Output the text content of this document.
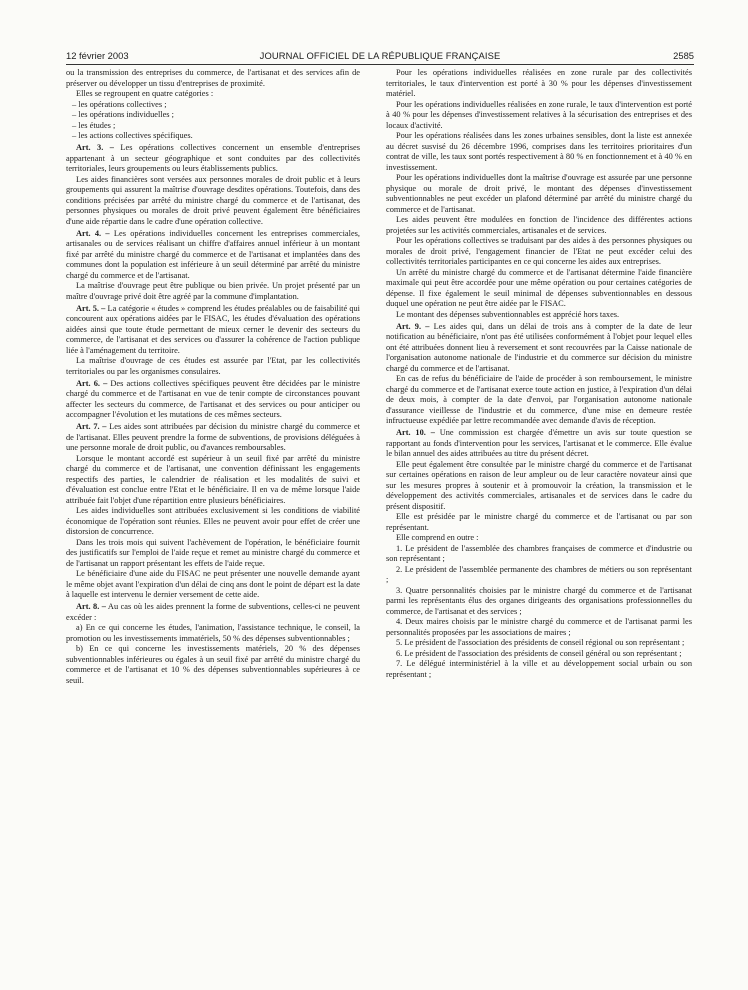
12 février 2003	JOURNAL OFFICIEL DE LA RÉPUBLIQUE FRANÇAISE	2585

ou la transmission des entreprises du commerce, de l'artisanat et des services afin de préserver ou développer un tissu d'entreprises de proximité.

Elles se regroupent en quatre catégories :

– les opérations collectives ;

– les opérations individuelles ;

– les études ;

– les actions collectives spécifiques.

Art. 3. – Les opérations collectives concernent un ensemble d'entreprises appartenant à un secteur géographique et sont conduites par des collectivités territoriales, leurs groupements ou leurs établissements publics.

Les aides financières sont versées aux personnes morales de droit public et à leurs groupements qui assurent la maîtrise d'ouvrage desdites opérations. Toutefois, dans des conditions précisées par arrêté du ministre chargé du commerce et de l'artisanat, des personnes physiques ou morales de droit privé peuvent également être bénéficiaires d'une aide répartie dans le cadre d'une opération collective.

Art. 4. – Les opérations individuelles concernent les entreprises commerciales, artisanales ou de services réalisant un chiffre d'affaires annuel inférieur à un montant fixé par arrêté du ministre chargé du commerce et de l'artisanat et implantées dans des communes dont la population est inférieure à un seuil déterminé par arrêté du ministre chargé du commerce et de l'artisanat.

La maîtrise d'ouvrage peut être publique ou bien privée. Un projet présenté par un maître d'ouvrage privé doit être agréé par la commune d'implantation.

Art. 5. – La catégorie « études » comprend les études préalables ou de faisabilité qui concourent aux opérations aidées par le FISAC, les études d'évaluation des opérations aidées ainsi que toute étude permettant de mieux cerner le devenir des secteurs du commerce, de l'artisanat et des services ou d'assurer la cohérence de l'action publique liée à l'aménagement du territoire.

La maîtrise d'ouvrage de ces études est assurée par l'Etat, par les collectivités territoriales ou par les organismes consulaires.

Art. 6. – Des actions collectives spécifiques peuvent être décidées par le ministre chargé du commerce et de l'artisanat en vue de tenir compte de circonstances pouvant affecter les secteurs du commerce, de l'artisanat et des services ou pour anticiper ou accompagner l'évolution et les mutations de ces mêmes secteurs.

Art. 7. – Les aides sont attribuées par décision du ministre chargé du commerce et de l'artisanat. Elles peuvent prendre la forme de subventions, de provisions déléguées à une personne morale de droit public, ou d'avances remboursables.

Lorsque le montant accordé est supérieur à un seuil fixé par arrêté du ministre chargé du commerce et de l'artisanat, une convention définissant les engagements respectifs des parties, le calendrier de réalisation et les modalités de suivi et d'évaluation est conclue entre l'Etat et le bénéficiaire. Il en va de même lorsque l'aide attribuée fait l'objet d'une répartition entre plusieurs bénéficiaires.

Les aides individuelles sont attribuées exclusivement si les conditions de viabilité économique de l'opération sont réunies. Elles ne peuvent avoir pour effet de créer une distorsion de concurrence.

Dans les trois mois qui suivent l'achèvement de l'opération, le bénéficiaire fournit des justificatifs sur l'emploi de l'aide reçue et remet au ministre chargé du commerce et de l'artisanat un rapport présentant les effets de l'aide reçue.

Le bénéficiaire d'une aide du FISAC ne peut présenter une nouvelle demande ayant le même objet avant l'expiration d'un délai de cinq ans dont le point de départ est la date à laquelle est intervenu le dernier versement de cette aide.

Art. 8. – Au cas où les aides prennent la forme de subventions, celles-ci ne peuvent excéder :

a) En ce qui concerne les études, l'animation, l'assistance technique, le conseil, la promotion ou les investissements immatériels, 50 % des dépenses subventionnables ;

b) En ce qui concerne les investissements matériels, 20 % des dépenses subventionnables inférieures ou égales à un seuil fixé par arrêté du ministre chargé du commerce et de l'artisanat et 10 % des dépenses subventionnables supérieures à ce seuil.

Pour les opérations individuelles réalisées en zone rurale par des collectivités territoriales, le taux d'intervention est porté à 30 % pour les dépenses d'investissement matériel.

Pour les opérations individuelles réalisées en zone rurale, le taux d'intervention est porté à 40 % pour les dépenses d'investissement relatives à la sécurisation des entreprises et des locaux d'activité.

Pour les opérations réalisées dans les zones urbaines sensibles, dont la liste est annexée au décret susvisé du 26 décembre 1996, comprises dans les territoires prioritaires d'un contrat de ville, les taux sont portés respectivement à 80 % en fonctionnement et à 40 % en investissement.

Pour les opérations individuelles dont la maîtrise d'ouvrage est assurée par une personne physique ou morale de droit privé, le montant des dépenses d'investissement subventionnables ne peut excéder un plafond déterminé par arrêté du ministre chargé du commerce et de l'artisanat.

Les aides peuvent être modulées en fonction de l'incidence des différentes actions projetées sur les activités commerciales, artisanales et de services.

Pour les opérations collectives se traduisant par des aides à des personnes physiques ou morales de droit privé, l'engagement financier de l'Etat ne peut excéder celui des collectivités territoriales participantes en ce qui concerne les aides aux entreprises.

Un arrêté du ministre chargé du commerce et de l'artisanat détermine l'aide financière maximale qui peut être accordée pour une même opération ou pour certaines catégories de dépense. Il fixe également le seuil minimal de dépenses subventionnables en dessous duquel une opération ne peut être aidée par le FISAC.

Le montant des dépenses subventionnables est apprécié hors taxes.

Art. 9. – Les aides qui, dans un délai de trois ans à compter de la date de leur notification au bénéficiaire, n'ont pas été utilisées conformément à l'objet pour lequel elles ont été attribuées donnent lieu à reversement et sont recouvrées par la Caisse nationale de l'organisation autonome nationale de l'industrie et du commerce sur décision du ministre chargé du commerce et de l'artisanat.

En cas de refus du bénéficiaire de l'aide de procéder à son remboursement, le ministre chargé du commerce et de l'artisanat exerce toute action en justice, à l'expiration d'un délai de deux mois, à compter de la date d'envoi, par l'organisation autonome nationale d'assurance vieillesse de l'industrie et du commerce, d'une mise en demeure restée infructueuse expédiée par lettre recommandée avec demande d'avis de réception.

Art. 10. – Une commission est chargée d'émettre un avis sur toute question se rapportant au fonds d'intervention pour les services, l'artisanat et le commerce. Elle évalue le bilan annuel des aides attribuées au titre du présent décret.

Elle peut également être consultée par le ministre chargé du commerce et de l'artisanat sur certaines opérations en raison de leur ampleur ou de leur caractère novateur ainsi que sur les mesures propres à soutenir et à promouvoir la création, la transmission et le développement des activités commerciales, artisanales et de services dans le cadre du présent dispositif.

Elle est présidée par le ministre chargé du commerce et de l'artisanat ou par son représentant.

Elle comprend en outre :

1. Le président de l'assemblée des chambres françaises de commerce et d'industrie ou son représentant ;

2. Le président de l'assemblée permanente des chambres de métiers ou son représentant ;

3. Quatre personnalités choisies par le ministre chargé du commerce et de l'artisanat parmi les représentants élus des organes dirigeants des organisations professionnelles du commerce, de l'artisanat et des services ;

4. Deux maires choisis par le ministre chargé du commerce et de l'artisanat parmi les personnalités proposées par les associations de maires ;

5. Le président de l'association des présidents de conseil régional ou son représentant ;

6. Le président de l'association des présidents de conseil général ou son représentant ;

7. Le délégué interministériel à la ville et au développement social urbain ou son représentant ;
